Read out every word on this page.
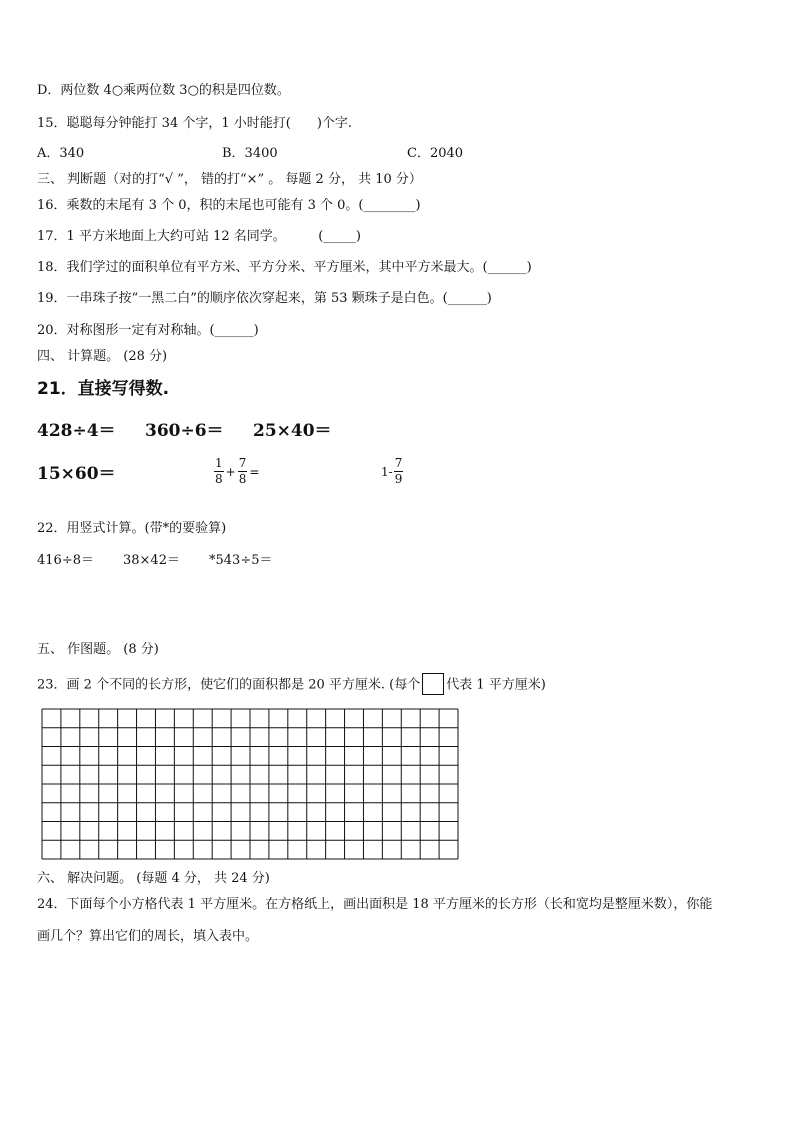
D．两位数 4○乘两位数 3○的积是四位数。
15．聪聪每分钟能打 34 个字，1 小时能打(　　)个字.
A．340	B．3400	C．2040
三、 判断题（对的打“√ ”， 错的打“×” 。 每题 2 分， 共 10 分）
16．乘数的末尾有 3 个 0，积的末尾也可能有 3 个 0。(________)
17．1 平方米地面上大约可站 12 名同学。　　　(_____)
18．我们学过的面积单位有平方米、平方分米、平方厘米，其中平方米最大。(______)
19．一串珠子按“一黑二白”的顺序依次穿起来，第 53 颗珠子是白色。(______)
20．对称图形一定有对称轴。(______)
四、 计算题。 (28 分)
21．直接写得数.
428÷4＝ 360÷6＝ 25×40＝
15×60＝	$\frac{1}{8} + \frac{7}{8}$ =	$1- \frac{7}{9}$
22．用竖式计算。(带*的要验算)
416÷8＝ 38×42＝ *543÷5＝
五、 作图题。 (8 分)
23．画 2 个不同的长方形，使它们的面积都是 20 平方厘米. (每个 代表 1 平方厘米)
六、 解决问题。 (每题 4 分， 共 24 分)
24．下面每个小方格代表 1 平方厘米。在方格纸上，画出面积是 18 平方厘米的长方形（长和宽均是整厘米数），你能
画几个？算出它们的周长，填入表中。
